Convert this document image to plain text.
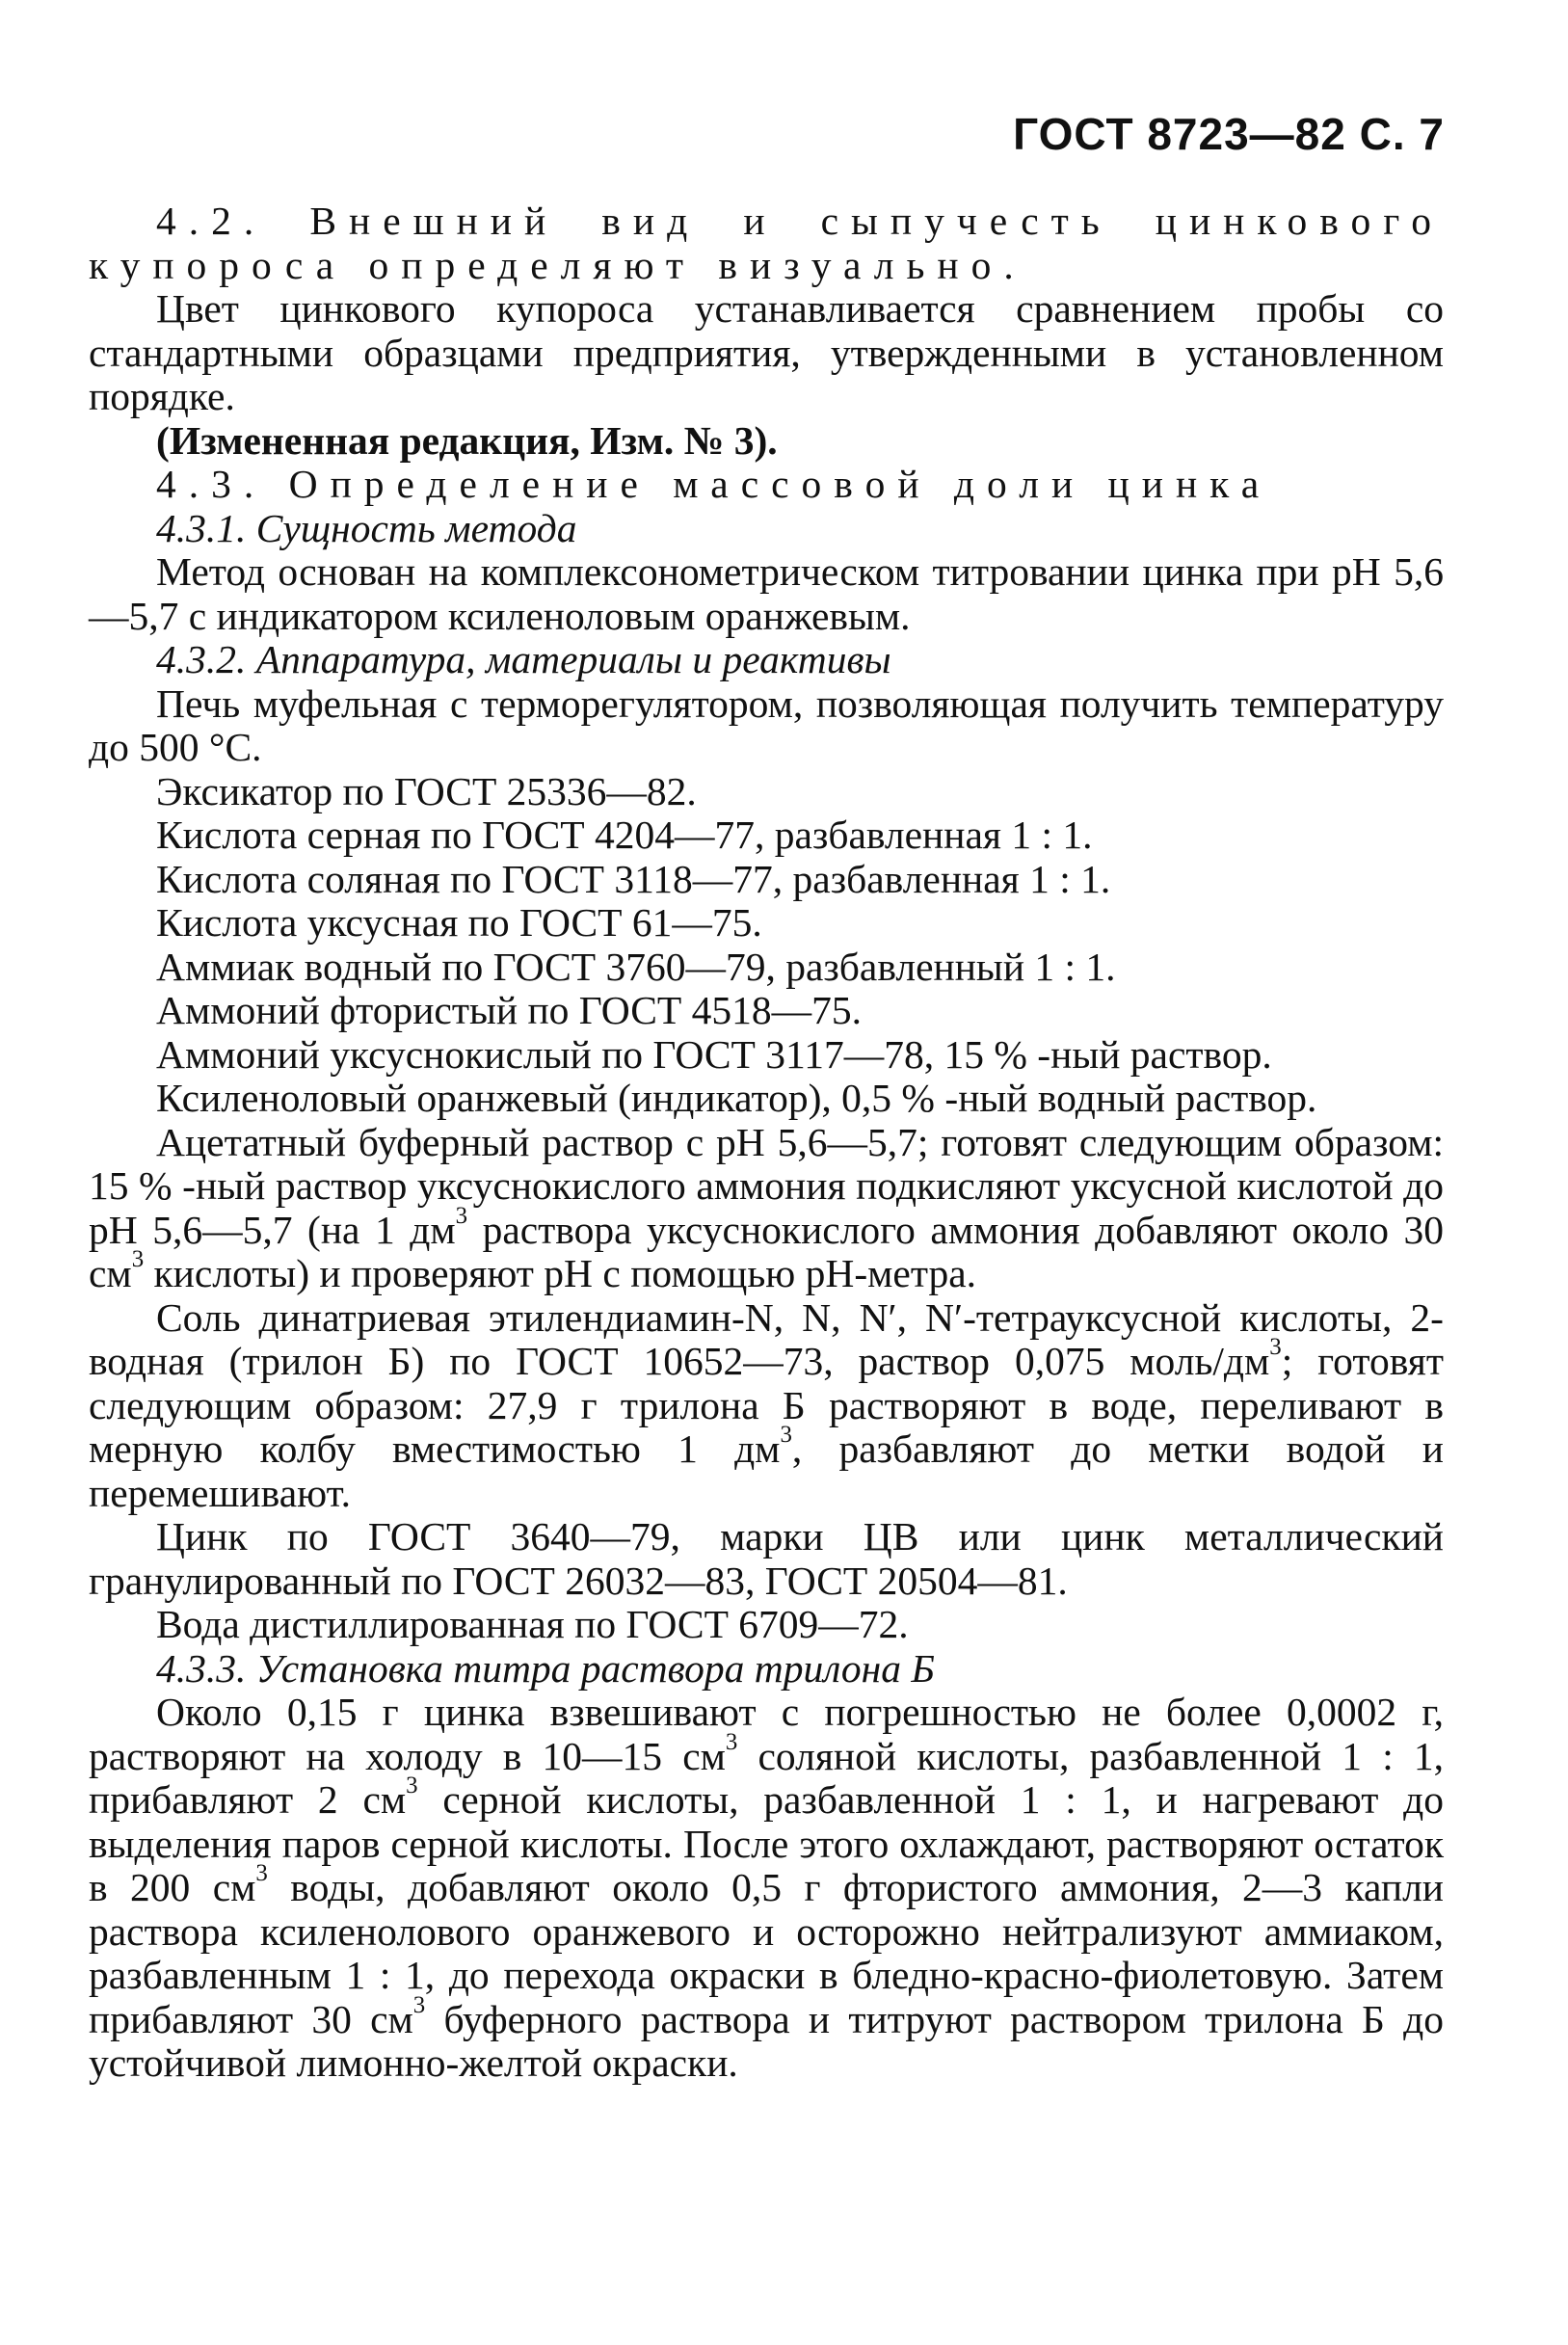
ГОСТ 8723—82 С. 7

4.2. Внешний вид и сыпучесть цинкового купороса определяют визуально.

Цвет цинкового купороса устанавливается сравнением пробы со стандартными образцами предприятия, утвержденными в установленном порядке.

(Измененная редакция, Изм. № 3).

4.3. Определение массовой доли цинка

4.3.1. Сущность метода

Метод основан на комплексонометрическом титровании цинка при рН 5,6—5,7 с индикатором ксиленоловым оранжевым.

4.3.2. Аппаратура, материалы и реактивы

Печь муфельная с терморегулятором, позволяющая получить температуру до 500 °С.

Эксикатор по ГОСТ 25336—82.

Кислота серная по ГОСТ 4204—77, разбавленная 1 : 1.

Кислота соляная по ГОСТ 3118—77, разбавленная 1 : 1.

Кислота уксусная по ГОСТ 61—75.

Аммиак водный по ГОСТ 3760—79, разбавленный 1 : 1.

Аммоний фтористый по ГОСТ 4518—75.

Аммоний уксуснокислый по ГОСТ 3117—78, 15 % -ный раствор.

Ксиленоловый оранжевый (индикатор), 0,5 % -ный водный раствор.

Ацетатный буферный раствор с рН 5,6—5,7; готовят следующим образом: 15 % -ный раствор уксуснокислого аммония подкисляют уксусной кислотой до рН 5,6—5,7 (на 1 $дм^3$ раствора уксуснокислого аммония добавляют около 30 $см^3$ кислоты) и проверяют рН с помощью рН-метра.

Соль динатриевая этилендиамин-N, N, N′, N′-тетрауксусной кислоты, 2-водная (трилон Б) по ГОСТ 10652—73, раствор 0,075 моль/$дм^3$; готовят следующим образом: 27,9 г трилона Б растворяют в воде, переливают в мерную колбу вместимостью 1 $дм^3$, разбавляют до метки водой и перемешивают.

Цинк по ГОСТ 3640—79, марки ЦВ или цинк металлический гранулированный по ГОСТ 26032—83, ГОСТ 20504—81.

Вода дистиллированная по ГОСТ 6709—72.

4.3.3. Установка титра раствора трилона Б

Около 0,15 г цинка взвешивают с погрешностью не более 0,0002 г, растворяют на холоду в 10—15 $см^3$ соляной кислоты, разбавленной 1 : 1, прибавляют 2 $см^3$ серной кислоты, разбавленной 1 : 1, и нагревают до выделения паров серной кислоты. После этого охлаждают, растворяют остаток в 200 $см^3$ воды, добавляют около 0,5 г фтористого аммония, 2—3 капли раствора ксиленолового оранжевого и осторожно нейтрализуют аммиаком, разбавленным 1 : 1, до перехода окраски в бледно-красно-фиолетовую. Затем прибавляют 30 $см^3$ буферного раствора и титруют раствором трилона Б до устойчивой лимонно-желтой окраски.
